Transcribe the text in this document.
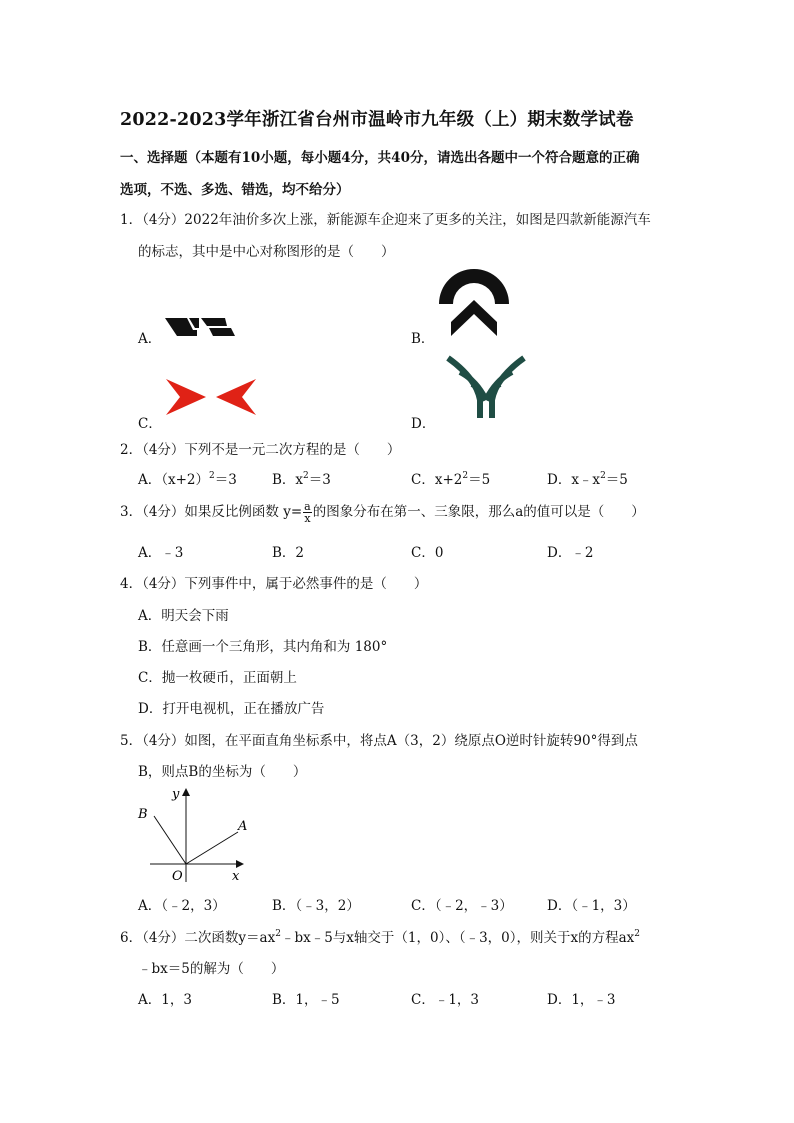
2022-2023学年浙江省台州市温岭市九年级（上）期末数学试卷
一、选择题（本题有10小题，每小题4分，共40分，请选出各题中一个符合题意的正确
选项，不选、多选、错选，均不给分）
1．（4分）2022年油价多次上涨，新能源车企迎来了更多的关注，如图是四款新能源汽车
的标志，其中是中心对称图形的是（　　）
A．	B．
C．	D．
2．（4分）下列不是一元二次方程的是（　　）
A．$(x+2)^2=3$	B．$x^2=3$	C．$x+2^2=5$	D．$x﹣x^2=5$
3．（4分）如果反比例函数 $y= \frac{a}{x}$ 的图象分布在第一、三象限，那么a的值可以是（　　）
A．﹣3	B．2	C．0	D．﹣2
4．（4分）下列事件中，属于必然事件的是（　　）
A．明天会下雨
B．任意画一个三角形，其内角和为 180°
C．抛一枚硬币，正面朝上
D．打开电视机，正在播放广告
5．（4分）如图，在平面直角坐标系中，将点A（3，2）绕原点O逆时针旋转90°得到点
B，则点B的坐标为（　　）
y
x
O
A
B
A．（﹣2，3）	B．（﹣3，2）	C．（﹣2，﹣3）	D．（﹣1，3）
6．（4分）二次函数$y=ax^2﹣bx﹣5$与x轴交于（1，0）、（﹣3，0），则关于x的方程$ax^2$
﹣bx＝5的解为（　　）
A．1，3	B．1，﹣5	C．﹣1，3	D．1，﹣3
